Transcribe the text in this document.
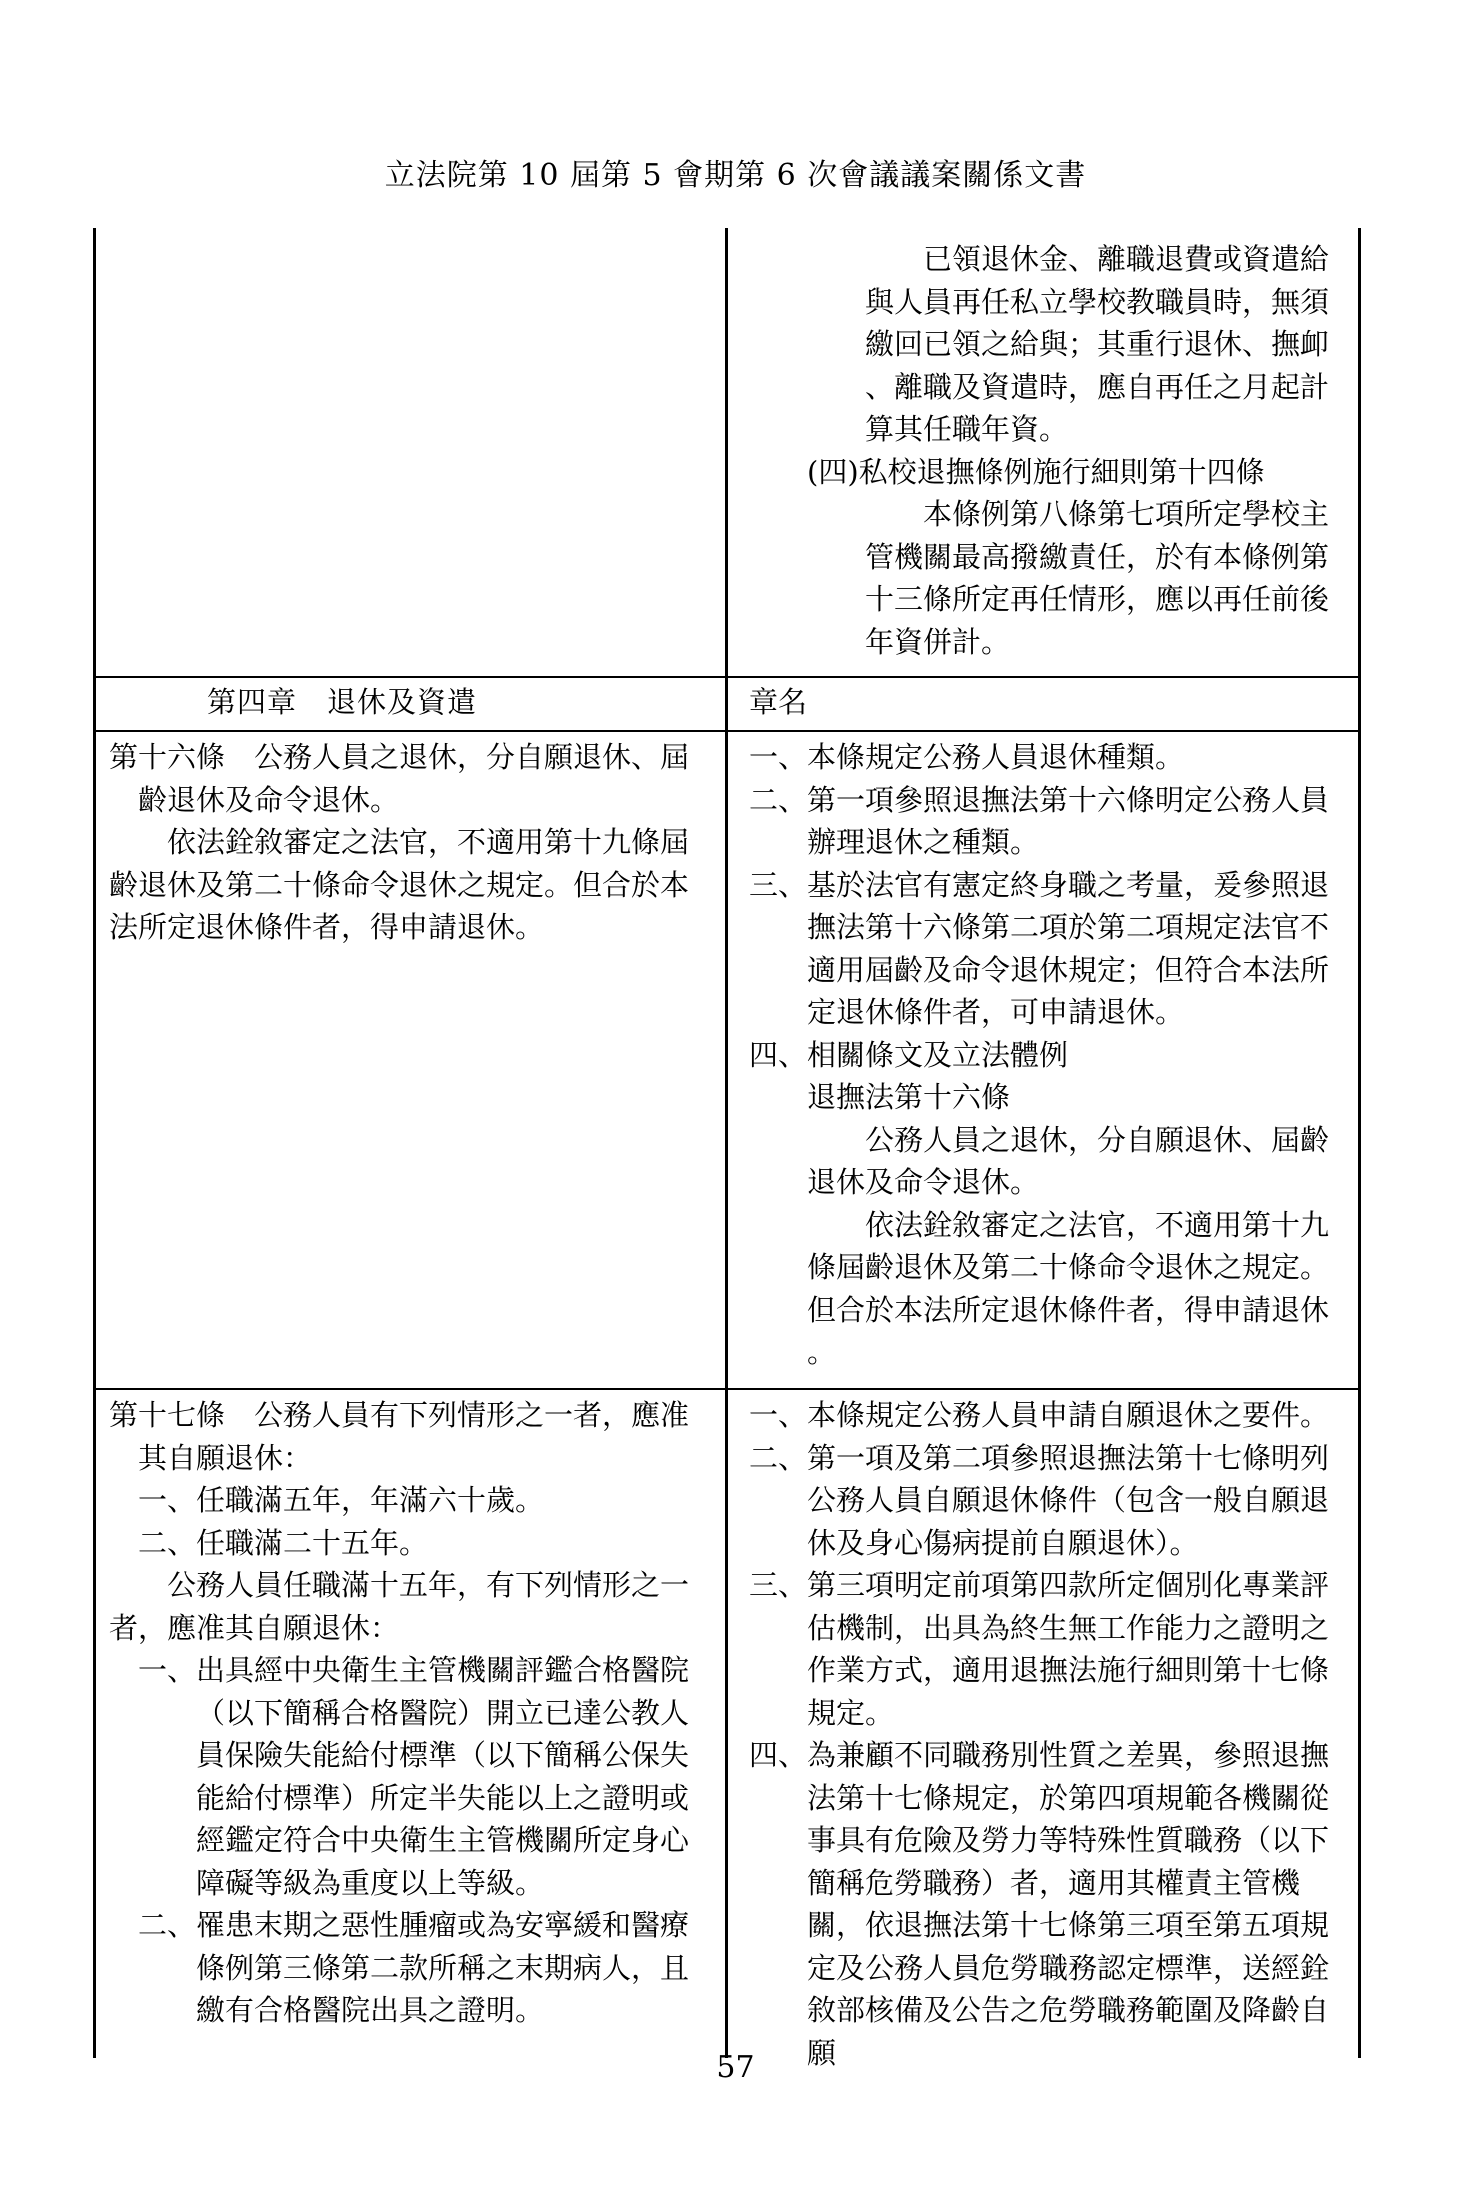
立法院第 10 屆第 5 會期第 6 次會議議案關係文書

已領退休金、離職退費或資遣給

與人員再任私立學校教職員時，無須

繳回已領之給與；其重行退休、撫卹

、離職及資遣時，應自再任之月起計

算其任職年資。

(四)私校退撫條例施行細則第十四條

本條例第八條第七項所定學校主

管機關最高撥繳責任，於有本條例第

十三條所定再任情形，應以再任前後

年資併計。

第四章　退休及資遣	章名

第十六條　公務人員之退休，分自願退休、屆齡退休及命令退休。

依法銓敘審定之法官，不適用第十九條屆齡退休及第二十條命令退休之規定。但合於本法所定退休條件者，得申請退休。

一、本條規定公務人員退休種類。

二、第一項參照退撫法第十六條明定公務人員辦理退休之種類。

三、基於法官有憲定終身職之考量，爰參照退撫法第十六條第二項於第二項規定法官不適用屆齡及命令退休規定；但符合本法所定退休條件者，可申請退休。

四、相關條文及立法體例

退撫法第十六條

公務人員之退休，分自願退休、屆齡退休及命令退休。

依法銓敘審定之法官，不適用第十九條屆齡退休及第二十條命令退休之規定。但合於本法所定退休條件者，得申請退休

。

第十七條　公務人員有下列情形之一者，應准其自願退休：

一、任職滿五年，年滿六十歲。

二、任職滿二十五年。

公務人員任職滿十五年，有下列情形之一者，應准其自願退休：

一、出具經中央衛生主管機關評鑑合格醫院（以下簡稱合格醫院）開立已達公教人員保險失能給付標準（以下簡稱公保失能給付標準）所定半失能以上之證明或經鑑定符合中央衛生主管機關所定身心障礙等級為重度以上等級。

二、罹患末期之惡性腫瘤或為安寧緩和醫療條例第三條第二款所稱之末期病人，且繳有合格醫院出具之證明。

一、本條規定公務人員申請自願退休之要件。

二、第一項及第二項參照退撫法第十七條明列公務人員自願退休條件（包含一般自願退休及身心傷病提前自願退休）。

三、第三項明定前項第四款所定個別化專業評估機制，出具為終生無工作能力之證明之作業方式，適用退撫法施行細則第十七條規定。

四、為兼顧不同職務別性質之差異，參照退撫法第十七條規定，於第四項規範各機關從事具有危險及勞力等特殊性質職務（以下簡稱危勞職務）者，適用其權責主管機關，依退撫法第十七條第三項至第五項規定及公務人員危勞職務認定標準，送經銓敘部核備及公告之危勞職務範圍及降齡自願

57
